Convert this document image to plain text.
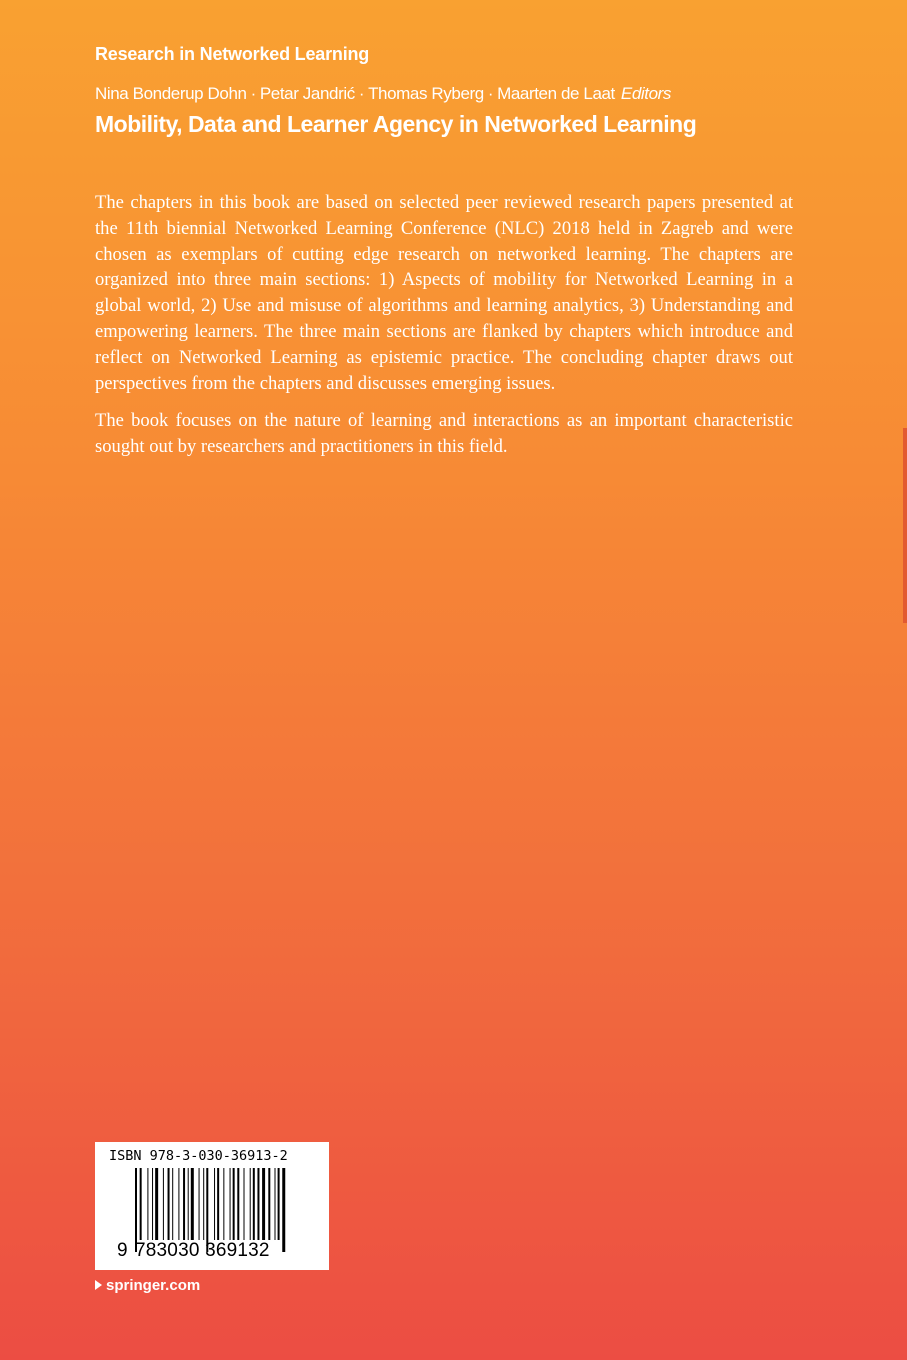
Research in Networked Learning
Nina Bonderup Dohn · Petar Jandrić · Thomas Ryberg · Maarten de Laat Editors
Mobility, Data and Learner Agency in Networked Learning

The chapters in this book are based on selected peer reviewed research papers presented at the 11th biennial Networked Learning Conference (NLC) 2018 held in Zagreb and were chosen as exemplars of cutting edge research on networked learning. The chapters are organized into three main sections: 1) Aspects of mobility for Networked Learning in a global world, 2) Use and misuse of algorithms and learning analytics, 3) Understanding and empowering learners. The three main sections are flanked by chapters which introduce and reflect on Networked Learning as epistemic practice. The concluding chapter draws out perspectives from the chapters and discusses emerging issues.

The book focuses on the nature of learning and interactions as an important characteristic sought out by researchers and practitioners in this field.

ISBN 978-3-030-36913-2
9 783030 369132
springer.com
